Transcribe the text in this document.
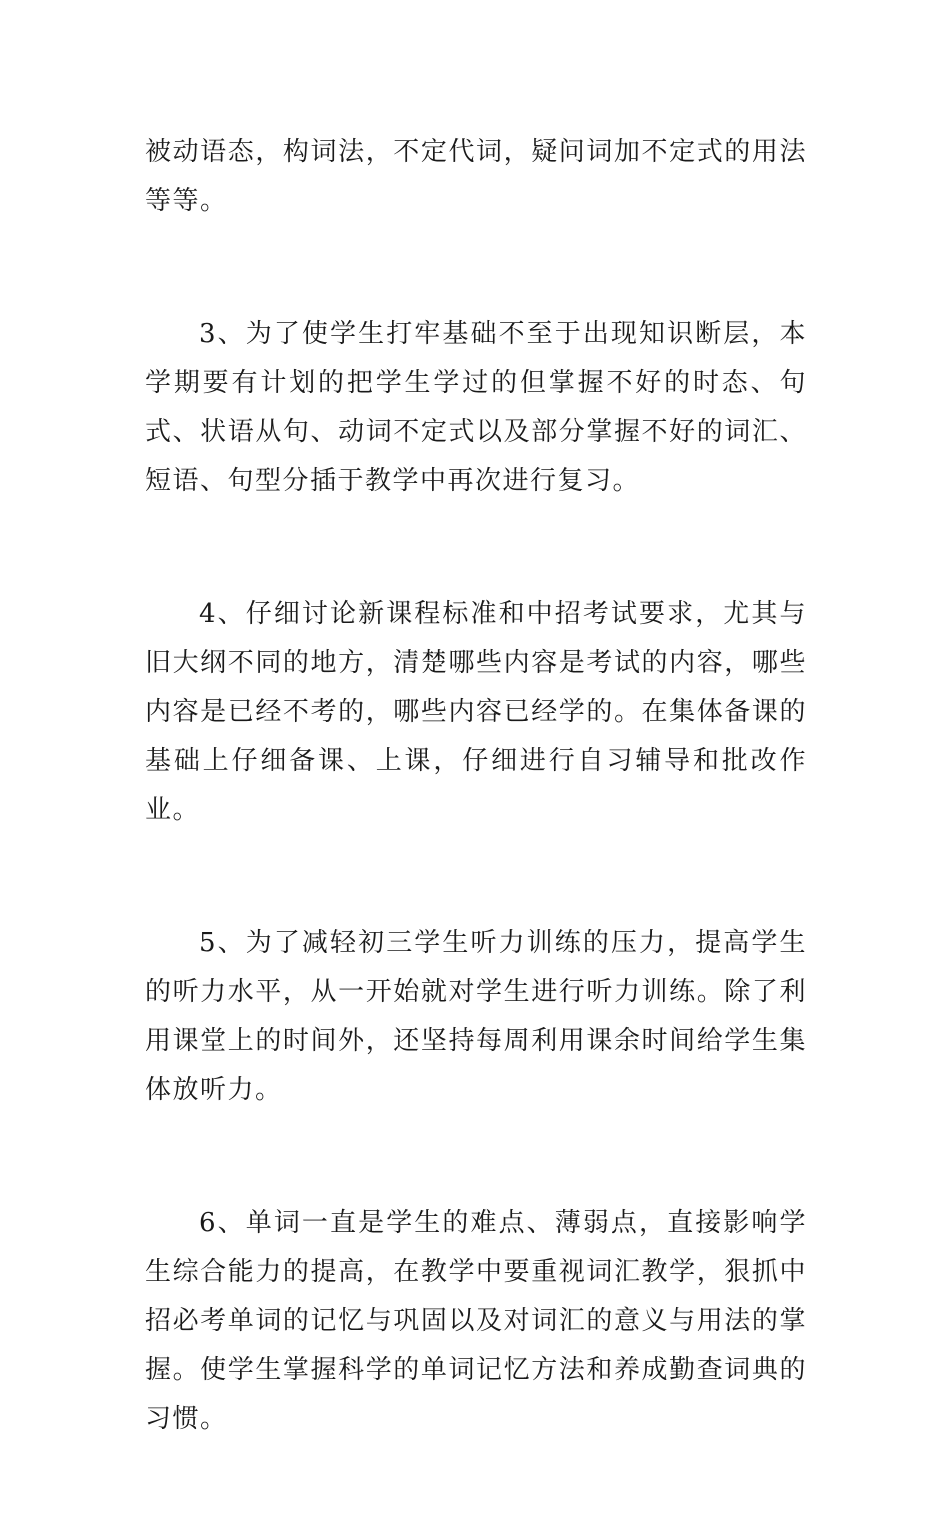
被动语态，构词法，不定代词，疑问词加不定式的用法等等。

3、为了使学生打牢基础不至于出现知识断层，本学期要有计划的把学生学过的但掌握不好的时态、句式、状语从句、动词不定式以及部分掌握不好的词汇、短语、句型分插于教学中再次进行复习。

4、仔细讨论新课程标准和中招考试要求，尤其与旧大纲不同的地方，清楚哪些内容是考试的内容，哪些内容是已经不考的，哪些内容已经学的。在集体备课的基础上仔细备课、上课，仔细进行自习辅导和批改作业。

5、为了减轻初三学生听力训练的压力，提高学生的听力水平，从一开始就对学生进行听力训练。除了利用课堂上的时间外，还坚持每周利用课余时间给学生集体放听力。

6、单词一直是学生的难点、薄弱点，直接影响学生综合能力的提高，在教学中要重视词汇教学，狠抓中招必考单词的记忆与巩固以及对词汇的意义与用法的掌握。使学生掌握科学的单词记忆方法和养成勤查词典的习惯。
